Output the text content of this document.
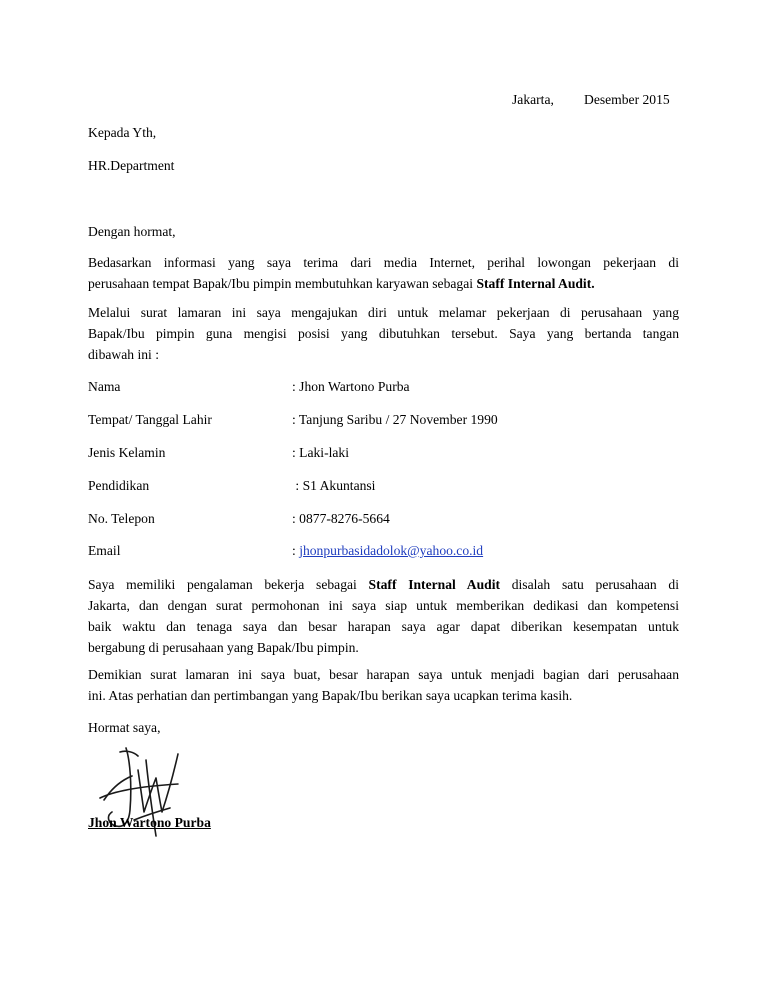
Jakarta, Desember 2015
Kepada Yth,
HR.Department
Dengan hormat,
Bedasarkan informasi yang saya terima dari media Internet, perihal lowongan pekerjaan di
perusahaan tempat Bapak/Ibu pimpin membutuhkan karyawan sebagai Staff Internal Audit.
Melalui surat lamaran ini saya mengajukan diri untuk melamar pekerjaan di perusahaan yang
Bapak/Ibu pimpin guna mengisi posisi yang dibutuhkan tersebut. Saya yang bertanda tangan
dibawah ini :
Nama	: Jhon Wartono Purba
Tempat/ Tanggal Lahir	: Tanjung Saribu / 27 November 1990
Jenis Kelamin	: Laki-laki
Pendidikan	: S1 Akuntansi
No. Telepon	: 0877-8276-5664
Email	: jhonpurbasidadolok@yahoo.co.id
Saya memiliki pengalaman bekerja sebagai Staff Internal Audit disalah satu perusahaan di
Jakarta, dan dengan surat permohonan ini saya siap untuk memberikan dedikasi dan kompetensi
baik waktu dan tenaga saya dan besar harapan saya agar dapat diberikan kesempatan untuk
bergabung di perusahaan yang Bapak/Ibu pimpin.
Demikian surat lamaran ini saya buat, besar harapan saya untuk menjadi bagian dari perusahaan
ini. Atas perhatian dan pertimbangan yang Bapak/Ibu berikan saya ucapkan terima kasih.
Hormat saya,
Jhon Wartono Purba
